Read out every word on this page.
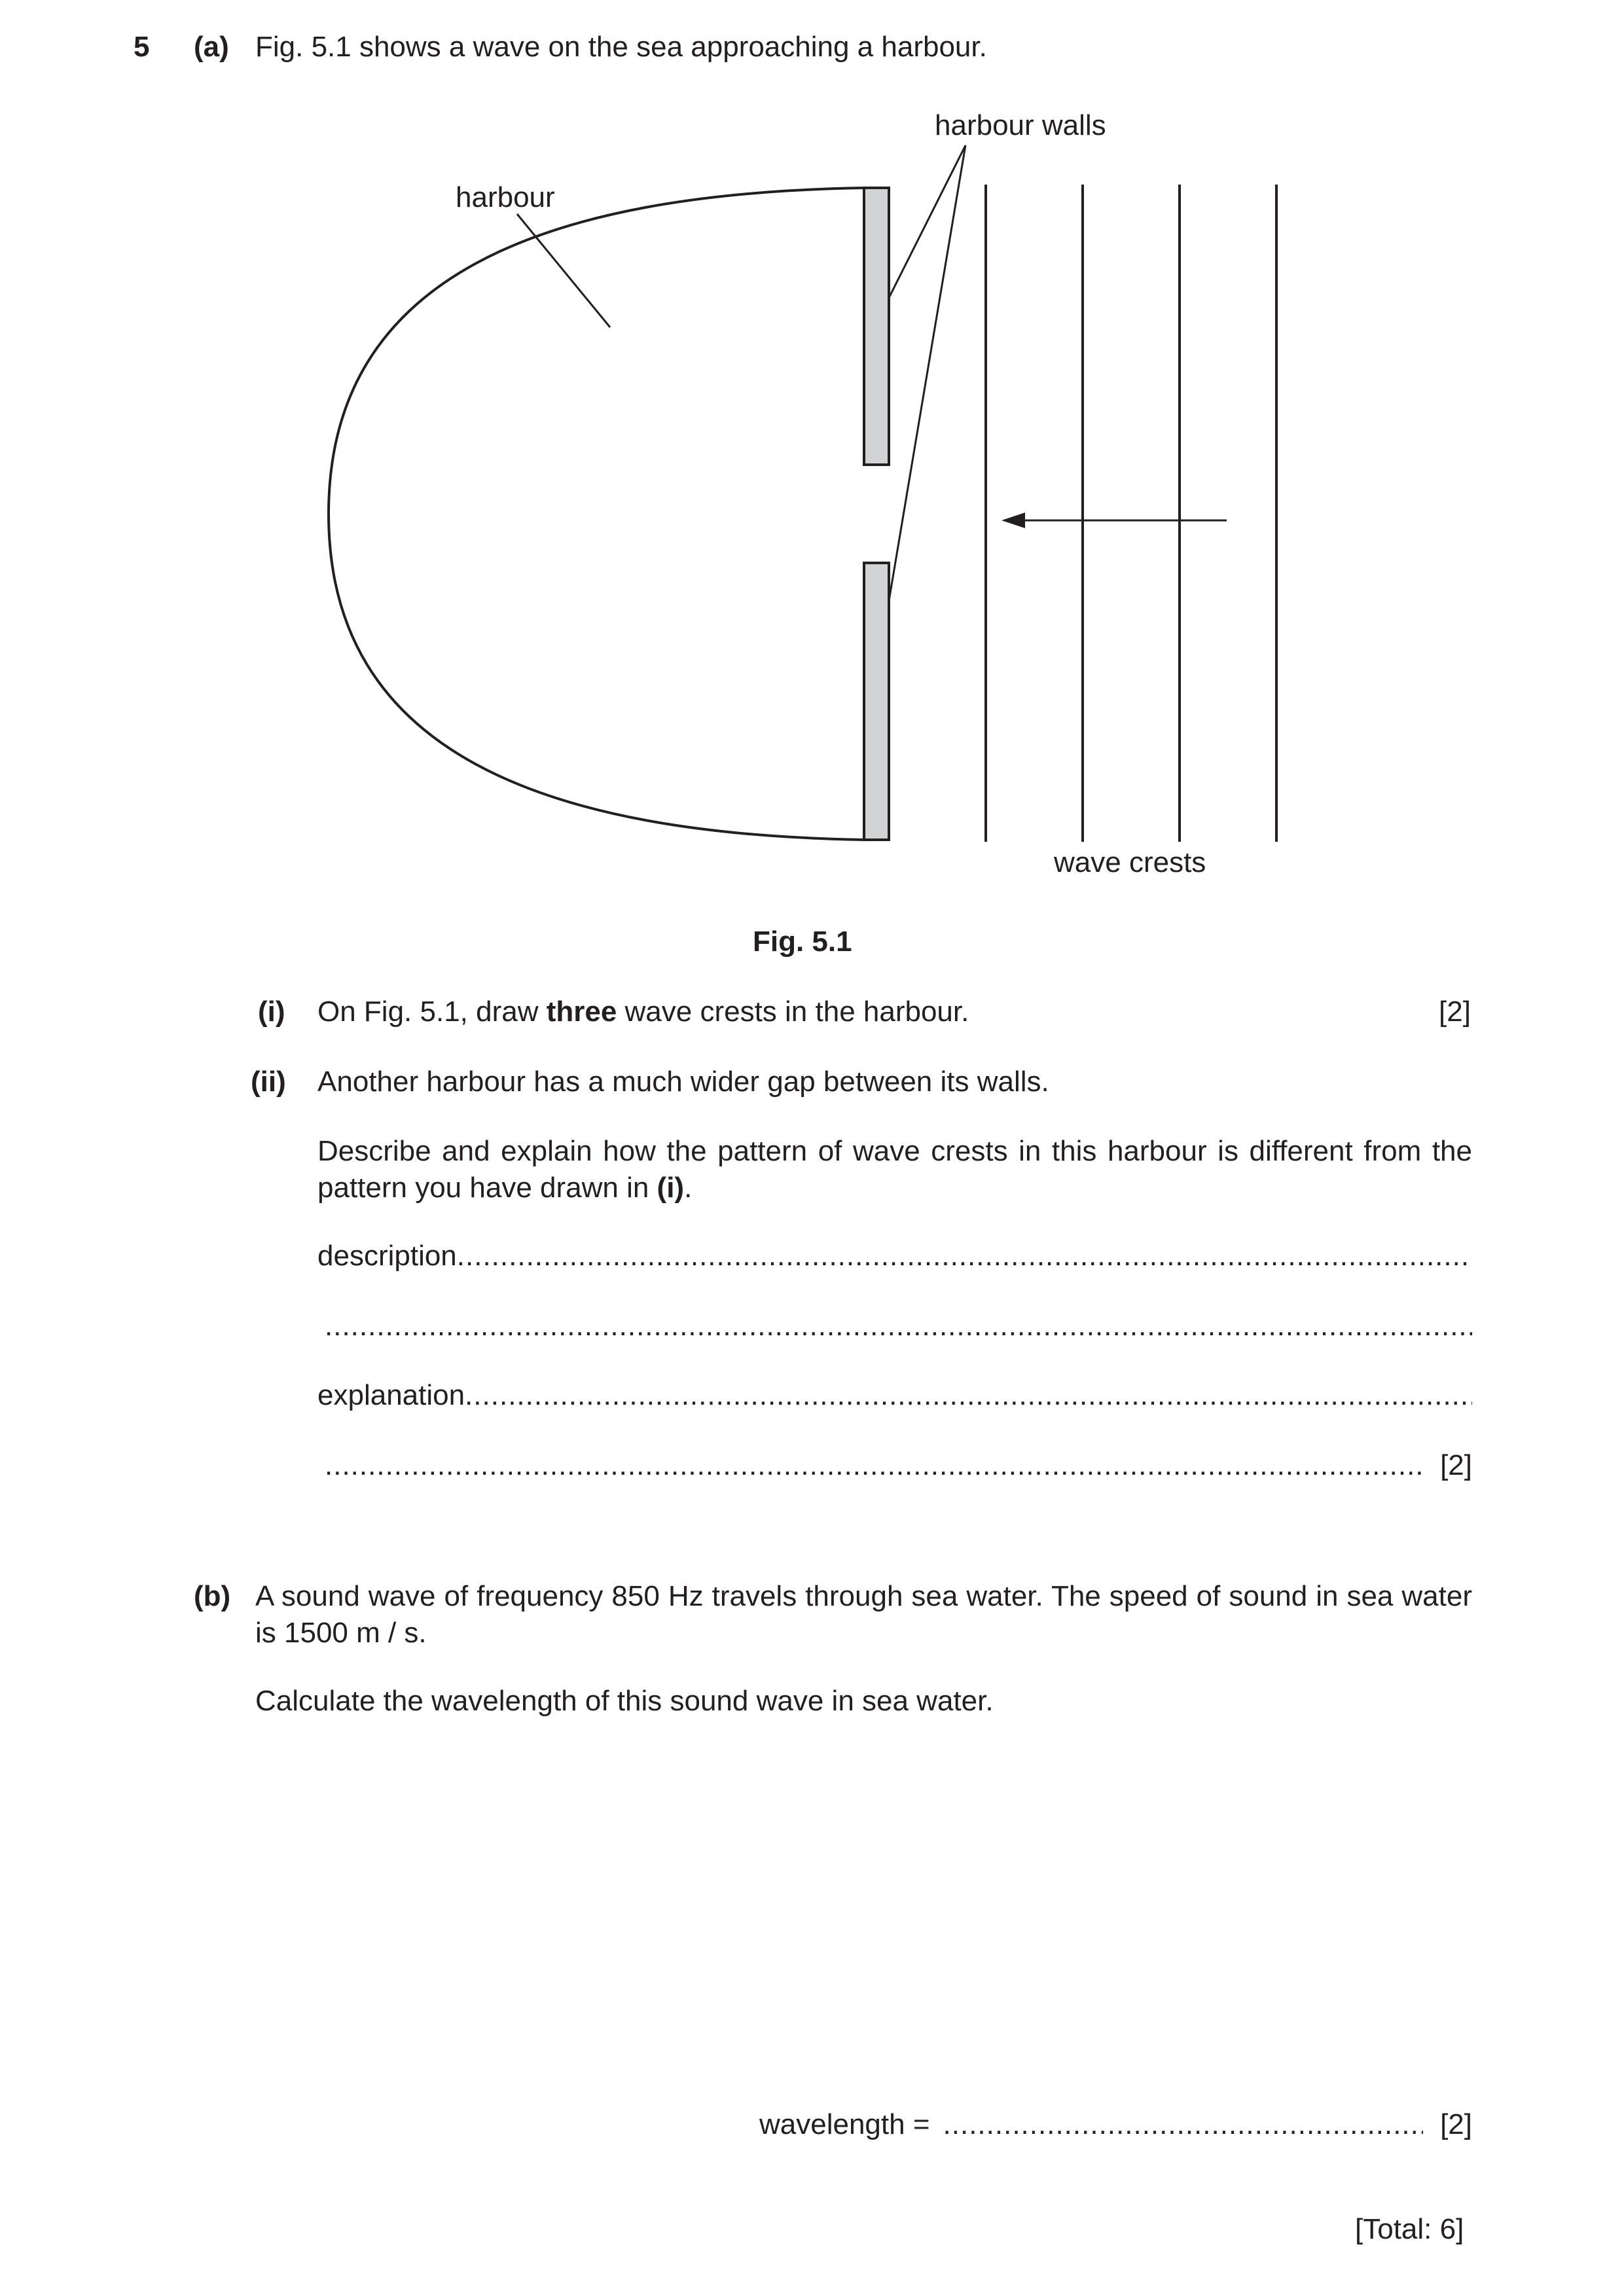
5 (a) Fig. 5.1 shows a wave on the sea approaching a harbour.
harbour walls
harbour
wave crests
Fig. 5.1
(i) On Fig. 5.1, draw three wave crests in the harbour.	[2]
(ii) Another harbour has a much wider gap between its walls.
Describe and explain how the pattern of wave crests in this harbour is different from the pattern you have drawn in (i).
description
.....
.....
explanation
.....
.....
[2]
(b) A sound wave of frequency 850 Hz travels through sea water. The speed of sound in sea water is 1500 m / s.
Calculate the wavelength of this sound wave in sea water.
wavelength =
.....	[2]
[Total: 6]
